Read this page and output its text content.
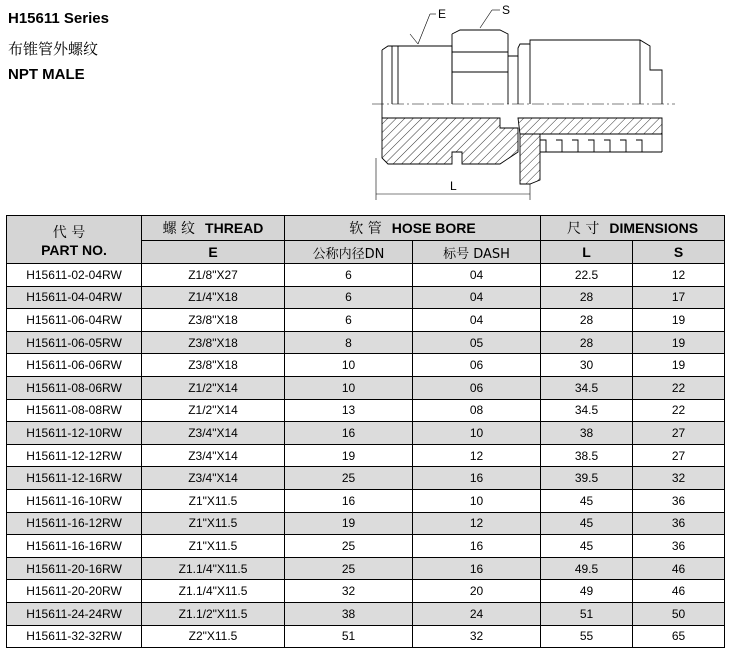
H15611 Series
布锥管外螺纹
NPT MALE
E	S
L
代 号
PART NO.	螺 纹 THREAD	软 管 HOSE BORE		尺 寸 DIMENSIONS	
	E	公称内径DN	标号 DASH	L	S
H15611-02-04RW	Z1/8"X27	6	04	22.5	12
H15611-04-04RW	Z1/4"X18	6	04	28	17
H15611-06-04RW	Z3/8"X18	6	04	28	19
H15611-06-05RW	Z3/8"X18	8	05	28	19
H15611-06-06RW	Z3/8"X18	10	06	30	19
H15611-08-06RW	Z1/2"X14	10	06	34.5	22
H15611-08-08RW	Z1/2"X14	13	08	34.5	22
H15611-12-10RW	Z3/4"X14	16	10	38	27
H15611-12-12RW	Z3/4"X14	19	12	38.5	27
H15611-12-16RW	Z3/4"X14	25	16	39.5	32
H15611-16-10RW	Z1"X11.5	16	10	45	36
H15611-16-12RW	Z1"X11.5	19	12	45	36
H15611-16-16RW	Z1"X11.5	25	16	45	36
H15611-20-16RW	Z1.1/4"X11.5	25	16	49.5	46
H15611-20-20RW	Z1.1/4"X11.5	32	20	49	46
H15611-24-24RW	Z1.1/2"X11.5	38	24	51	50
H15611-32-32RW	Z2"X11.5	51	32	55	65
